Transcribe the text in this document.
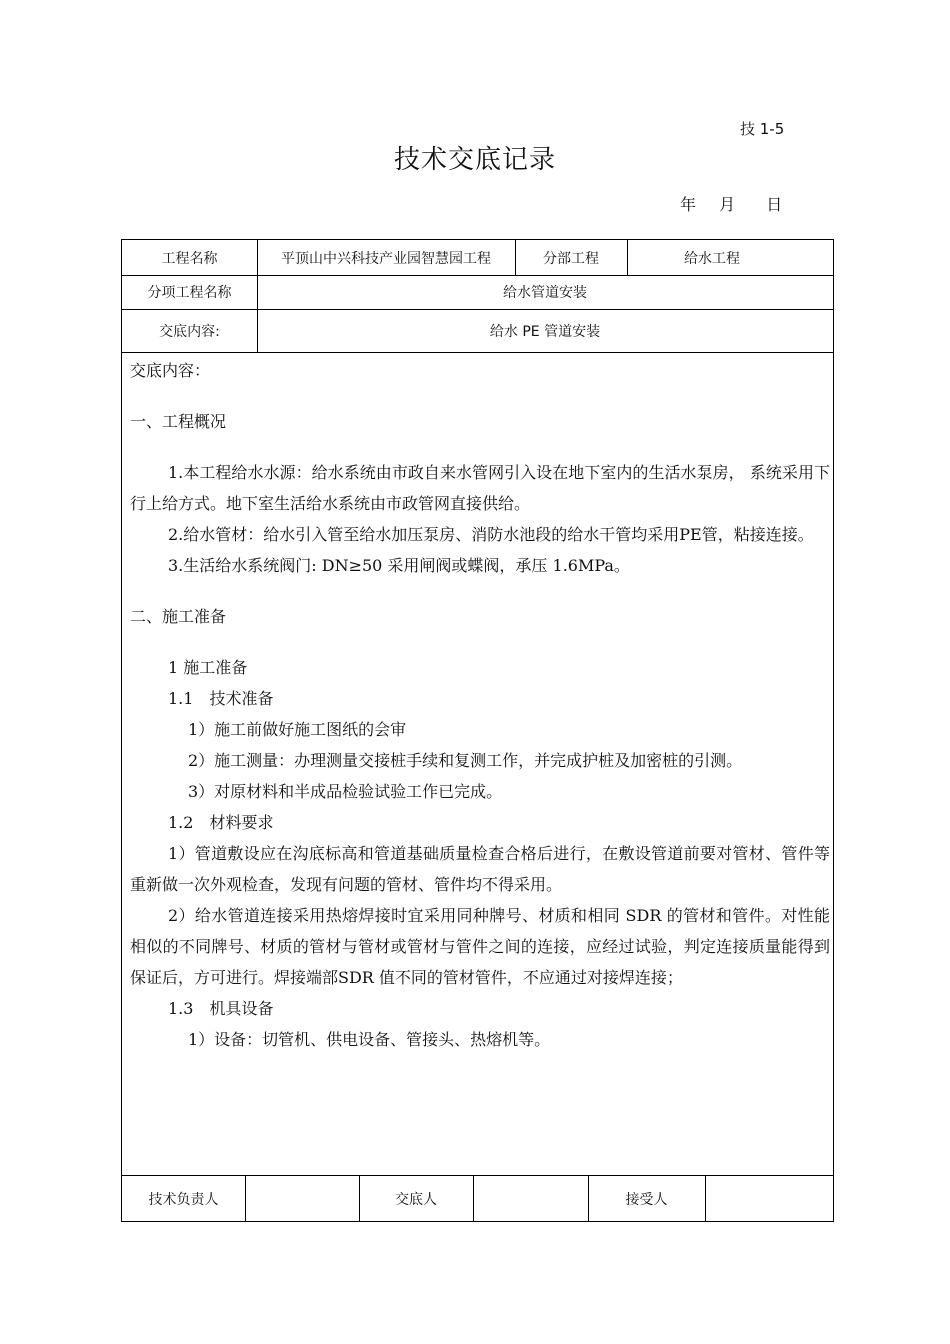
技 1-5
技术交底记录
年 月 日
工程名称	平顶山中兴科技产业园智慧园工程	分部工程	给水工程
分项工程名称	给水管道安装
交底内容:	给水 PE 管道安装

交底内容：

一、工程概况

1.本工程给水水源：给水系统由市政自来水管网引入设在地下室内的生活水泵房， 系统采用下行上给方式。地下室生活给水系统由市政管网直接供给。

2.给水管材：给水引入管至给水加压泵房、消防水池段的给水干管均采用PE管，粘接连接。

3.生活给水系统阀门: DN≥50 采用闸阀或蝶阀，承压 1.6MPa。

二、施工准备

1 施工准备

1.1　技术准备

1）施工前做好施工图纸的会审

2）施工测量：办理测量交接桩手续和复测工作，并完成护桩及加密桩的引测。

3）对原材料和半成品检验试验工作已完成。

1.2　材料要求

1）管道敷设应在沟底标高和管道基础质量检查合格后进行，在敷设管道前要对管材、管件等重新做一次外观检查，发现有问题的管材、管件均不得采用。

2）给水管道连接采用热熔焊接时宜采用同种牌号、材质和相同 SDR 的管材和管件。对性能相似的不同牌号、材质的管材与管材或管材与管件之间的连接，应经过试验，判定连接质量能得到保证后，方可进行。焊接端部SDR 值不同的管材管件，不应通过对接焊连接；

1.3　机具设备

1）设备：切管机、供电设备、管接头、热熔机等。

技术负责人	交底人	接受人
